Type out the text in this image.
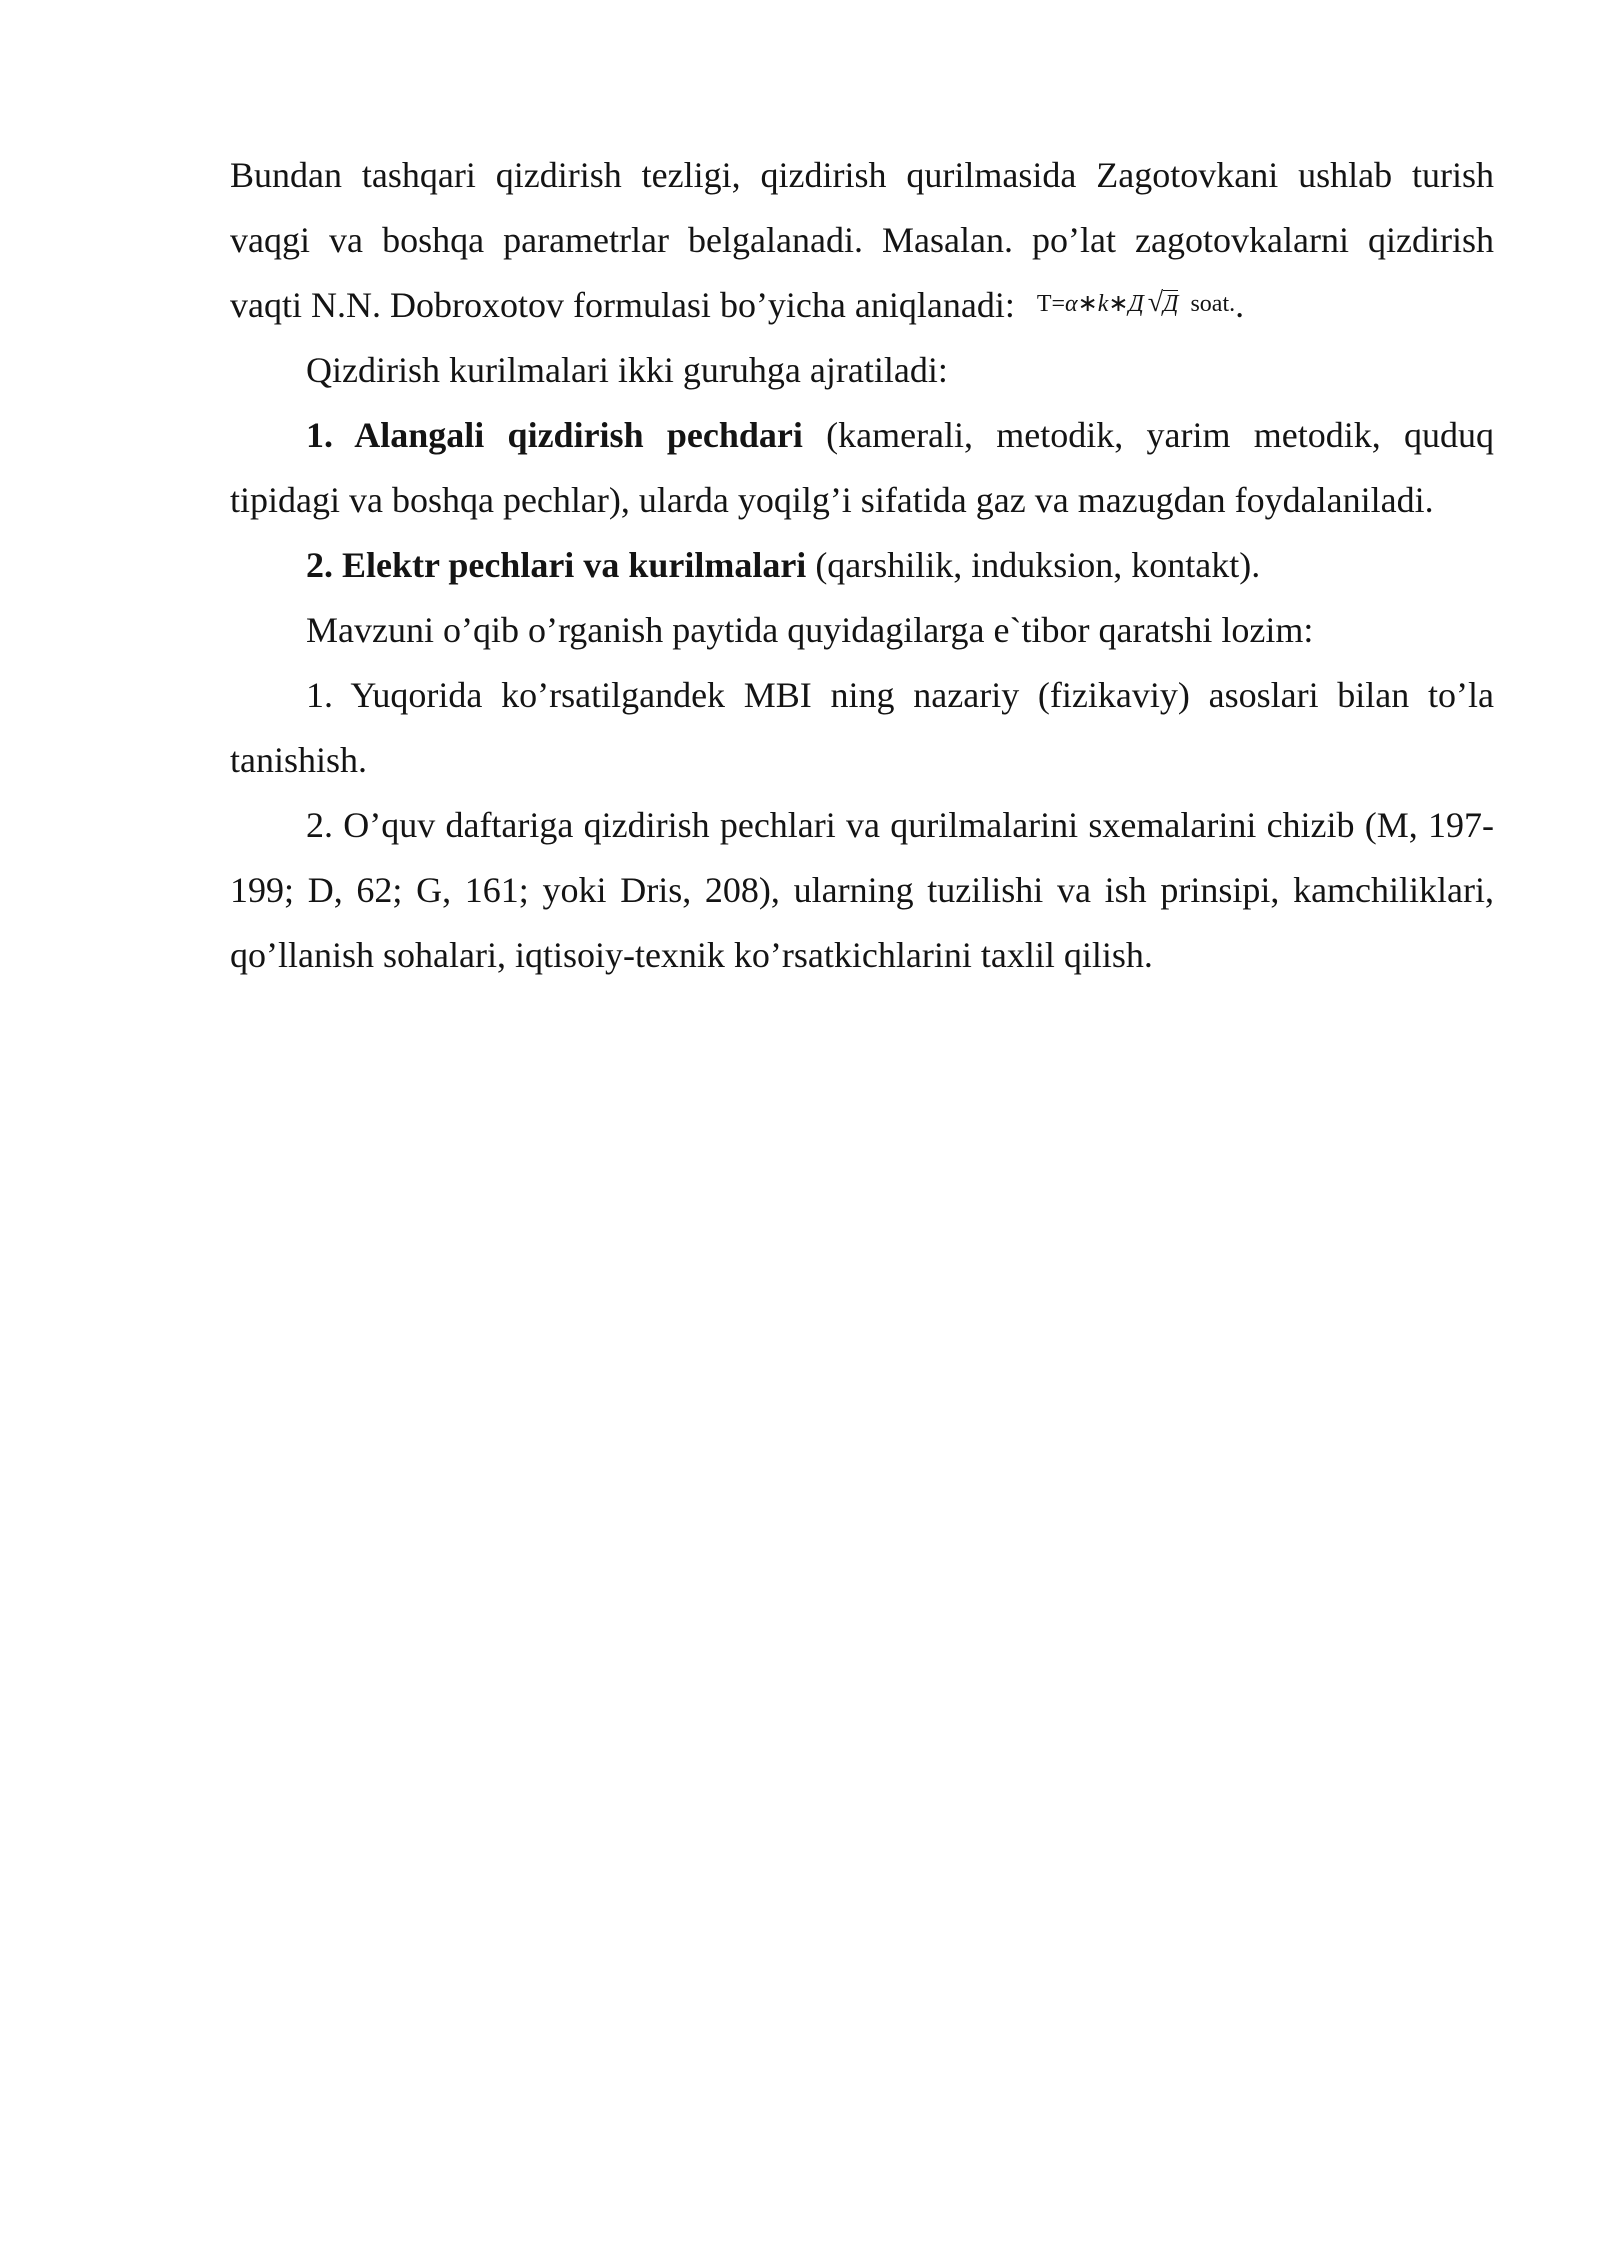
Bundan tashqari qizdirish tezligi, qizdirish qurilmasida Zagotovkani ushlab turish vaqgi va boshqa parametrlar belgalanadi. Masalan. po’lat zagotovkalarni qizdirish vaqti N.N. Dobroxotov formulasi bo’yicha aniqlanadi: T=α∗k∗Д √Д soat..

Qizdirish kurilmalari ikki guruhga ajratiladi:

1. Alangali qizdirish pechdari (kamerali, metodik, yarim metodik, quduq tipidagi va boshqa pechlar), ularda yoqilg’i sifatida gaz va mazugdan foydalaniladi.

2. Elektr pechlari va kurilmalari (qarshilik, induksion, kontakt).

Mavzuni o’qib o’rganish paytida quyidagilarga e`tibor qaratshi lozim:

1. Yuqorida ko’rsatilgandek MBI ning nazariy (fizikaviy) asoslari bilan to’la tanishish.

2. O’quv daftariga qizdirish pechlari va qurilmalarini sxemalarini chizib (M, 197-199; D, 62; G, 161; yoki Dris, 208), ularning tuzilishi va ish prinsipi, kamchiliklari, qo’llanish sohalari, iqtisoiy-texnik ko’rsatkichlarini taxlil qilish.
